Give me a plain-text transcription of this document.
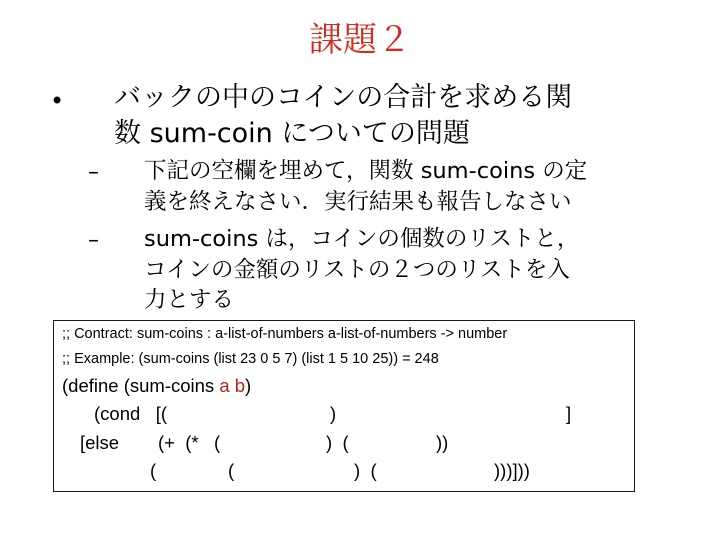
課題２
• バックの中のコインの合計を求める関
数 sum-coin についての問題
– 下記の空欄を埋めて，関数 sum-coins の定
義を終えなさい．実行結果も報告しなさい
– sum-coins は，コインの個数のリストと，
コインの金額のリストの２つのリストを入
力とする
;; Contract: sum-coins : a-list-of-numbers a-list-of-numbers -> number
;; Example: (sum-coins (list 23 0 5 7) (list 1 5 10 25)) = 248
(define (sum-coins a b)
(cond   [(	)	]
[else (+  (*   (	)  (	))
(	(	)  (	)))]))
